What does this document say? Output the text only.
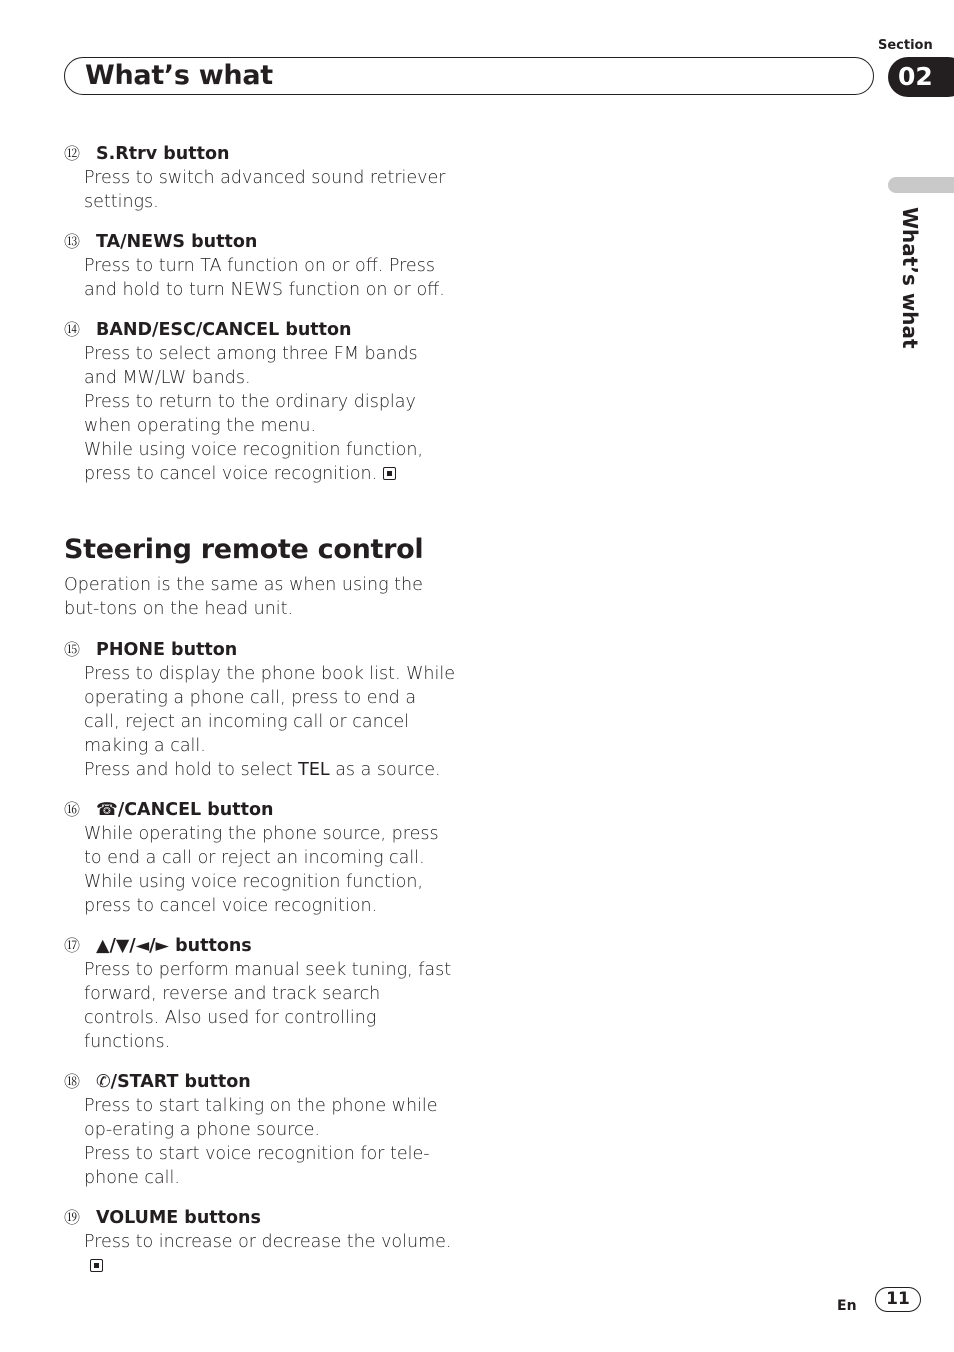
Section
What’s what	02
What’s what
⑫ S.Rtrv button

Press to switch advanced sound retriever settings.

⑬ TA/NEWS button

Press to turn TA function on or off. Press and hold to turn NEWS function on or off.

⑭ BAND/ESC/CANCEL button

Press to select among three FM bands and MW/LW bands.

Press to return to the ordinary display when operating the menu.

While using voice recognition function, press to cancel voice recognition.

Steering remote control
Operation is the same as when using the but-tons on the head unit.
⑮ PHONE button

Press to display the phone book list. While operating a phone call, press to end a call, reject an incoming call or cancel making a call.

Press and hold to select TEL as a source.

⑯ ☎ /CANCEL button

While operating the phone source, press to end a call or reject an incoming call.

While using voice recognition function, press to cancel voice recognition.

⑰ ▲/▼/◄/► buttons

Press to perform manual seek tuning, fast forward, reverse and track search controls. Also used for controlling functions.

⑱ ✆ /START button

Press to start talking on the phone while op-erating a phone source.

Press to start voice recognition for tele-phone call.

⑲ VOLUME buttons

Press to increase or decrease the volume.

En	11
